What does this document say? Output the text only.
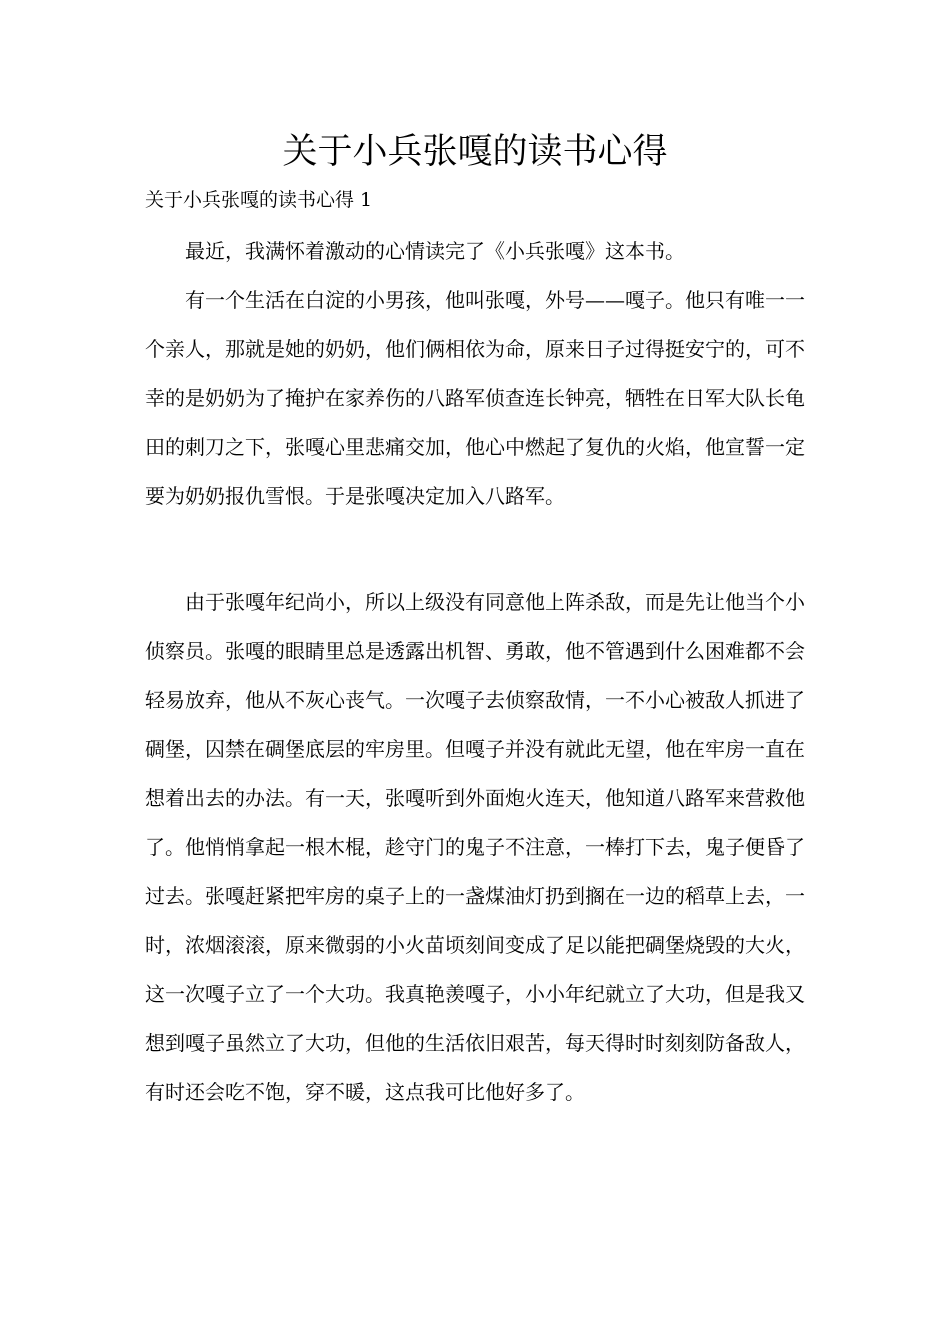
关于小兵张嘎的读书心得
关于小兵张嘎的读书心得 1

最近，我满怀着激动的心情读完了《小兵张嘎》这本书。

有一个生活在白淀的小男孩，他叫张嘎，外号——嘎子。他只有唯一一个亲人，那就是她的奶奶，他们俩相依为命，原来日子过得挺安宁的，可不幸的是奶奶为了掩护在家养伤的八路军侦查连长钟亮，牺牲在日军大队长龟田的刺刀之下，张嘎心里悲痛交加，他心中燃起了复仇的火焰，他宣誓一定要为奶奶报仇雪恨。于是张嘎决定加入八路军。

由于张嘎年纪尚小，所以上级没有同意他上阵杀敌，而是先让他当个小侦察员。张嘎的眼睛里总是透露出机智、勇敢，他不管遇到什么困难都不会轻易放弃，他从不灰心丧气。一次嘎子去侦察敌情，一不小心被敌人抓进了碉堡，囚禁在碉堡底层的牢房里。但嘎子并没有就此无望，他在牢房一直在想着出去的办法。有一天，张嘎听到外面炮火连天，他知道八路军来营救他了。他悄悄拿起一根木棍，趁守门的鬼子不注意，一棒打下去，鬼子便昏了过去。张嘎赶紧把牢房的桌子上的一盏煤油灯扔到搁在一边的稻草上去，一时，浓烟滚滚，原来微弱的小火苗顷刻间变成了足以能把碉堡烧毁的大火，这一次嘎子立了一个大功。我真艳羡嘎子，小小年纪就立了大功，但是我又想到嘎子虽然立了大功，但他的生活依旧艰苦，每天得时时刻刻防备敌人，有时还会吃不饱，穿不暖，这点我可比他好多了。
